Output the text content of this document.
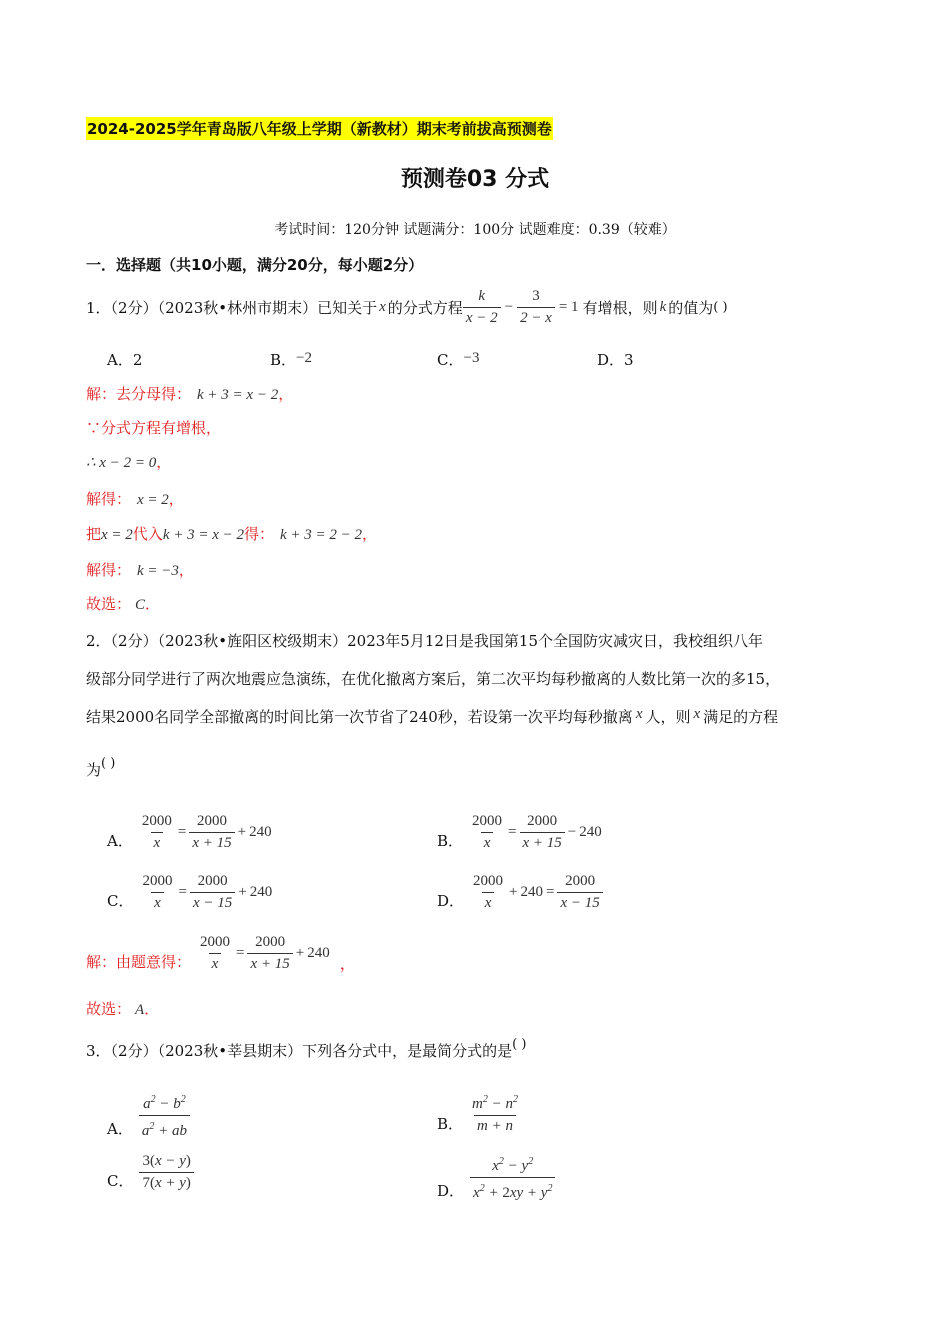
2024-2025学年青岛版八年级上学期（新教材）期末考前拔高预测卷
预测卷03 分式
考试时间：120分钟 试题满分：100分 试题难度：0.39（较难）
一．选择题（共10小题，满分20分，每小题2分）
1．（2分）（2023秋•林州市期末）已知关于 x 的分式方程 $\frac{k}{x - 2} - \frac{3}{2 - x} = 1$ 有增根，则 k 的值为 ( )
A．2	B．−2	C．−3	D．3
解：去分母得： k + 3 = x − 2，
∵分式方程有增根，
∴ x − 2 = 0，
解得： x = 2，
把x = 2代入k + 3 = x − 2得： k + 3 = 2 − 2，
解得： k = −3，
故选： C．
2．（2分）（2023秋•旌阳区校级期末）2023年5月12日是我国第15个全国防灾减灾日，我校组织八年
级部分同学进行了两次地震应急演练，在优化撤离方案后，第二次平均每秒撤离的人数比第一次的多15，
结果2000名同学全部撤离的时间比第一次节省了240秒，若设第一次平均每秒撤离 x 人，则 x 满足的方程
为( )
A． $\frac{2000}{x} = \frac{2000}{x + 15} + 240$	B． $\frac{2000}{x} = \frac{2000}{x + 15} - 240$
C． $\frac{2000}{x} = \frac{2000}{x - 15} + 240$	D． $\frac{2000}{x} + 240 = \frac{2000}{x - 15}$
解：由题意得： $\frac{2000}{x} = \frac{2000}{x + 15} + 240$
，
故选： A．
3．（2分）（2023秋•莘县期末）下列各分式中，是最简分式的是( )
A． $\frac{a^2 - b^2}{a^2 + ab}$	B． $\frac{m^2 - n^2}{m + n}$
C． $\frac{3(x - y)}{7(x + y)}$	D． $\frac{x^2 - y^2}{x^2 + 2xy + y^2}$
